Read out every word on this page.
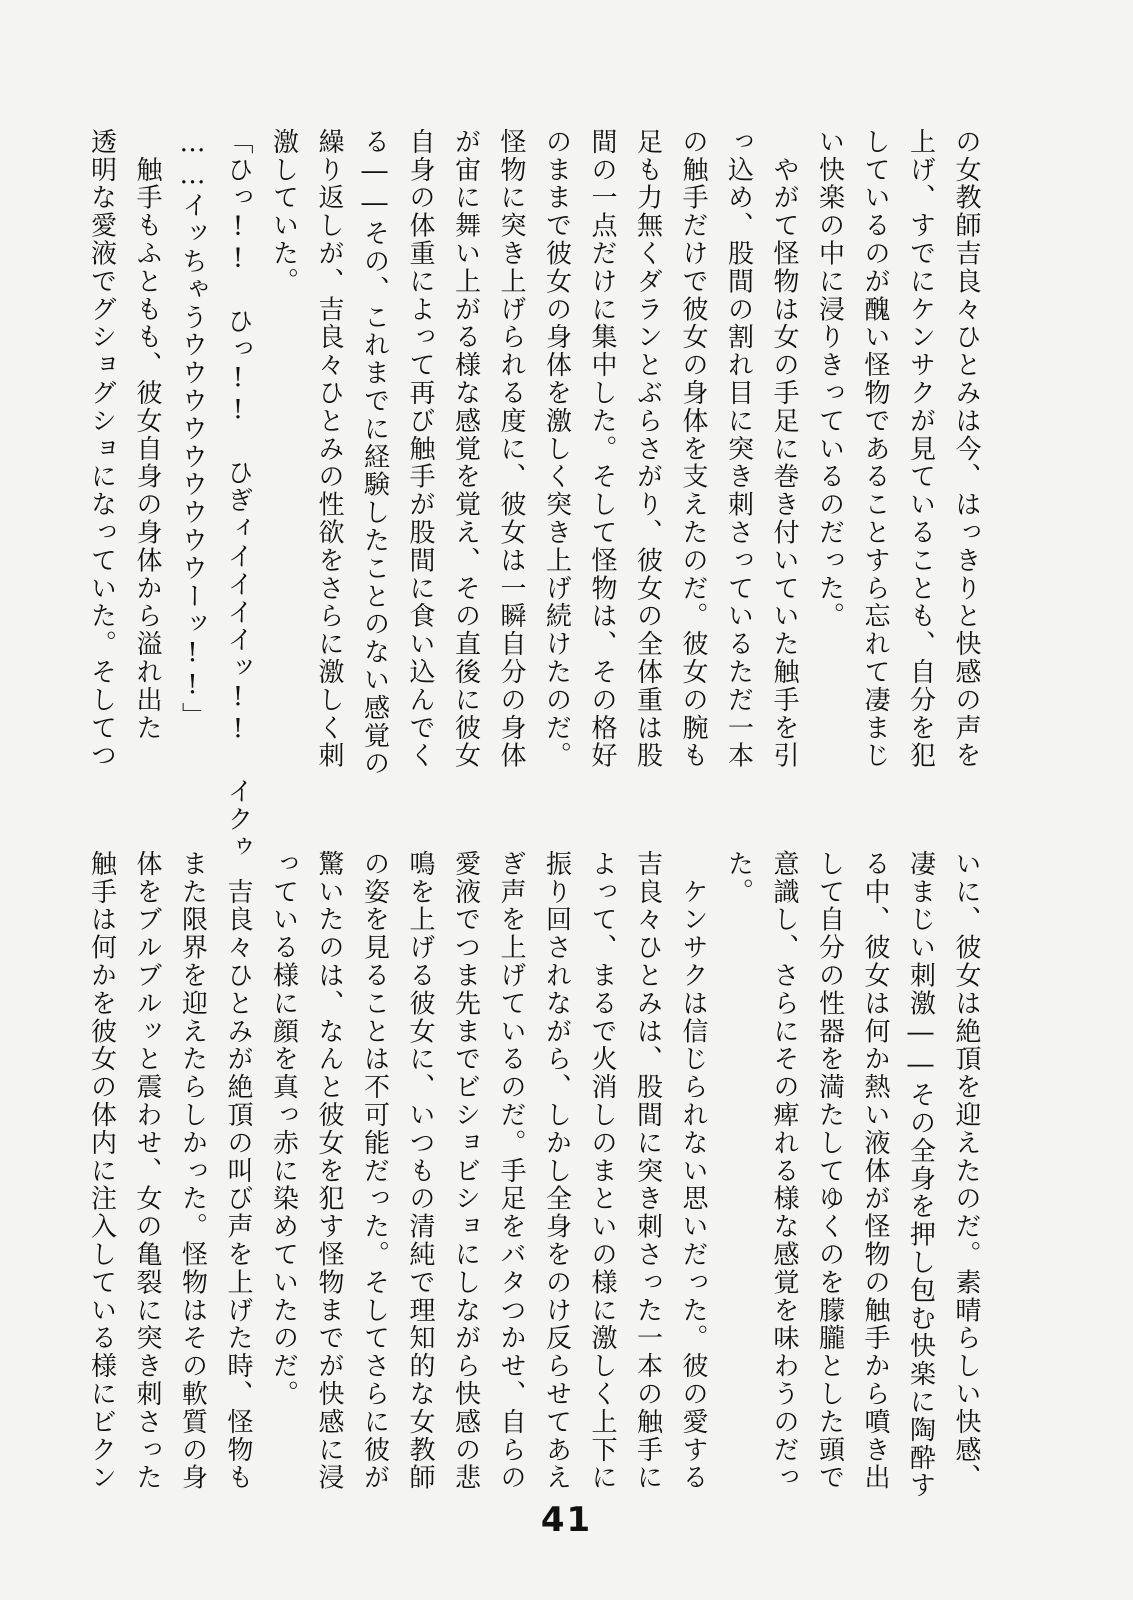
の女教師吉良々ひとみは今、はっきりと快感の声を
上げ、すでにケンサクが見ていることも、自分を犯
しているのが醜い怪物であることすら忘れて凄まじ
い快楽の中に浸りきっているのだった。
　やがて怪物は女の手足に巻き付いていた触手を引
っ込め、股間の割れ目に突き刺さっているただ一本
の触手だけで彼女の身体を支えたのだ。彼女の腕も
足も力無くダランとぶらさがり、彼女の全体重は股
間の一点だけに集中した。そして怪物は、その格好
のままで彼女の身体を激しく突き上げ続けたのだ。
怪物に突き上げられる度に、彼女は一瞬自分の身体
が宙に舞い上がる様な感覚を覚え、その直後に彼女
自身の体重によって再び触手が股間に食い込んでく
る――その、これまでに経験したことのない感覚の
繰り返しが、吉良々ひとみの性欲をさらに激しく刺
激していた。
「ひっ!! ひっ!! ひぎィイイイイッ!! イクゥ
……イッちゃうウウウウウウウウウーッ!!」
　触手もふともも、彼女自身の身体から溢れ出た
透明な愛液でグショグショになっていた。そしてつ
いに、彼女は絶頂を迎えたのだ。素晴らしい快感、
凄まじい刺激――その全身を押し包む快楽に陶酔す
る中、彼女は何か熱い液体が怪物の触手から噴き出
して自分の性器を満たしてゆくのを朦朧とした頭で
意識し、さらにその痺れる様な感覚を味わうのだっ
た。
　ケンサクは信じられない思いだった。彼の愛する
吉良々ひとみは、股間に突き刺さった一本の触手に
よって、まるで火消しのまといの様に激しく上下に
振り回されながら、しかし全身をのけ反らせてあえ
ぎ声を上げているのだ。手足をバタつかせ、自らの
愛液でつま先までビショビショにしながら快感の悲
鳴を上げる彼女に、いつもの清純で理知的な女教師
の姿を見ることは不可能だった。そしてさらに彼が
驚いたのは、なんと彼女を犯す怪物までが快感に浸
っている様に顔を真っ赤に染めていたのだ。
　吉良々ひとみが絶頂の叫び声を上げた時、怪物も
また限界を迎えたらしかった。怪物はその軟質の身
体をブルブルッと震わせ、女の亀裂に突き刺さった
触手は何かを彼女の体内に注入している様にビクン
41
